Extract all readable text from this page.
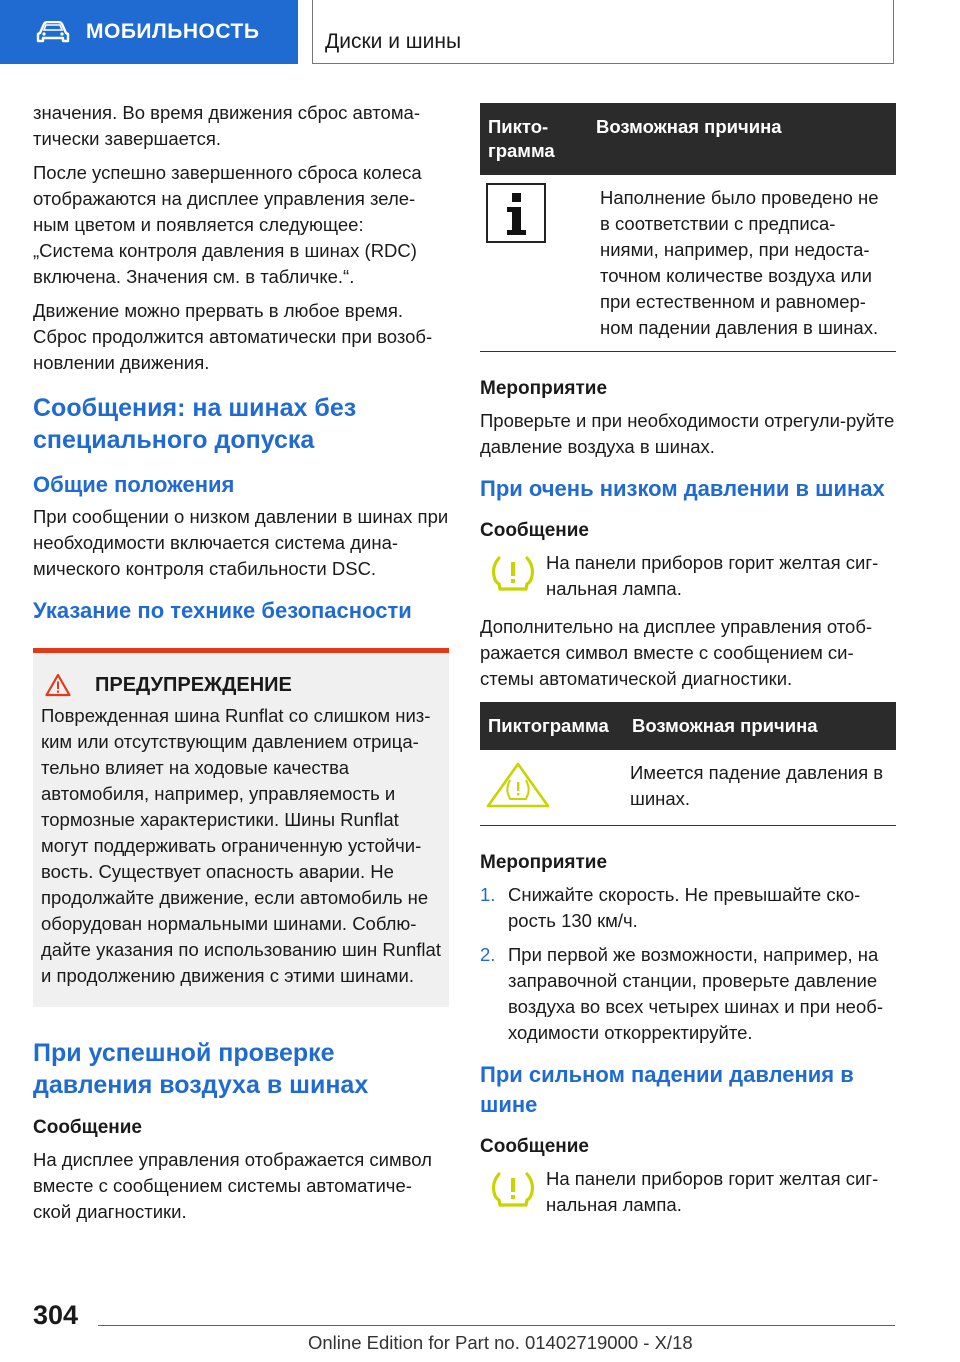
МОБИЛЬНОСТЬ	Диски и шины

значения. Во время движения сброс автома-тически завершается.

После успешно завершенного сброса колеса отображаются на дисплее управления зеле-ным цветом и появляется следующее: „Система контроля давления в шинах (RDC) включена. Значения см. в табличке.“.

Движение можно прервать в любое время. Сброс продолжится автоматически при возоб-новлении движения.

Сообщения: на шинах без специального допуска
Общие положения

При сообщении о низком давлении в шинах при необходимости включается система дина-мического контроля стабильности DSC.

Указание по технике безопасности
ПРЕДУПРЕЖДЕНИЕ

Поврежденная шина Runflat со слишком низ-ким или отсутствующим давлением отрица-тельно влияет на ходовые качества автомобиля, например, управляемость и тормозные характеристики. Шины Runflat могут поддерживать ограниченную устойчи-вость. Существует опасность аварии. Не продолжайте движение, если автомобиль не оборудован нормальными шинами. Соблю-дайте указания по использованию шин Runflat и продолжению движения с этими шинами.

При успешной проверке давления воздуха в шинах
Сообщение

На дисплее управления отображается символ вместе с сообщением системы автоматиче-ской диагностики.

Пикто-грамма	Возможная причина
	Наполнение было проведено не в соответствии с предписа-ниями, например, при недоста-точном количестве воздуха или при естественном и равномер-ном падении давления в шинах.
Мероприятие

Проверьте и при необходимости отрегули-руйте давление воздуха в шинах.

При очень низком давлении в шинах
Сообщение

На панели приборов горит желтая сиг-нальная лампа.

Дополнительно на дисплее управления отоб-ражается символ вместе с сообщением си-стемы автоматической диагностики.

Пиктограмма	Возможная причина
	Имеется падение давления в шинах.
Мероприятие
1. Снижайте скорость. Не превышайте ско-рость 130 км/ч.
2. При первой же возможности, например, на заправочной станции, проверьте давление воздуха во всех четырех шинах и при необ-ходимости откорректируйте.
При сильном падении давления в шине
Сообщение

На панели приборов горит желтая сиг-нальная лампа.

304
Online Edition for Part no. 01402719000 - X/18
